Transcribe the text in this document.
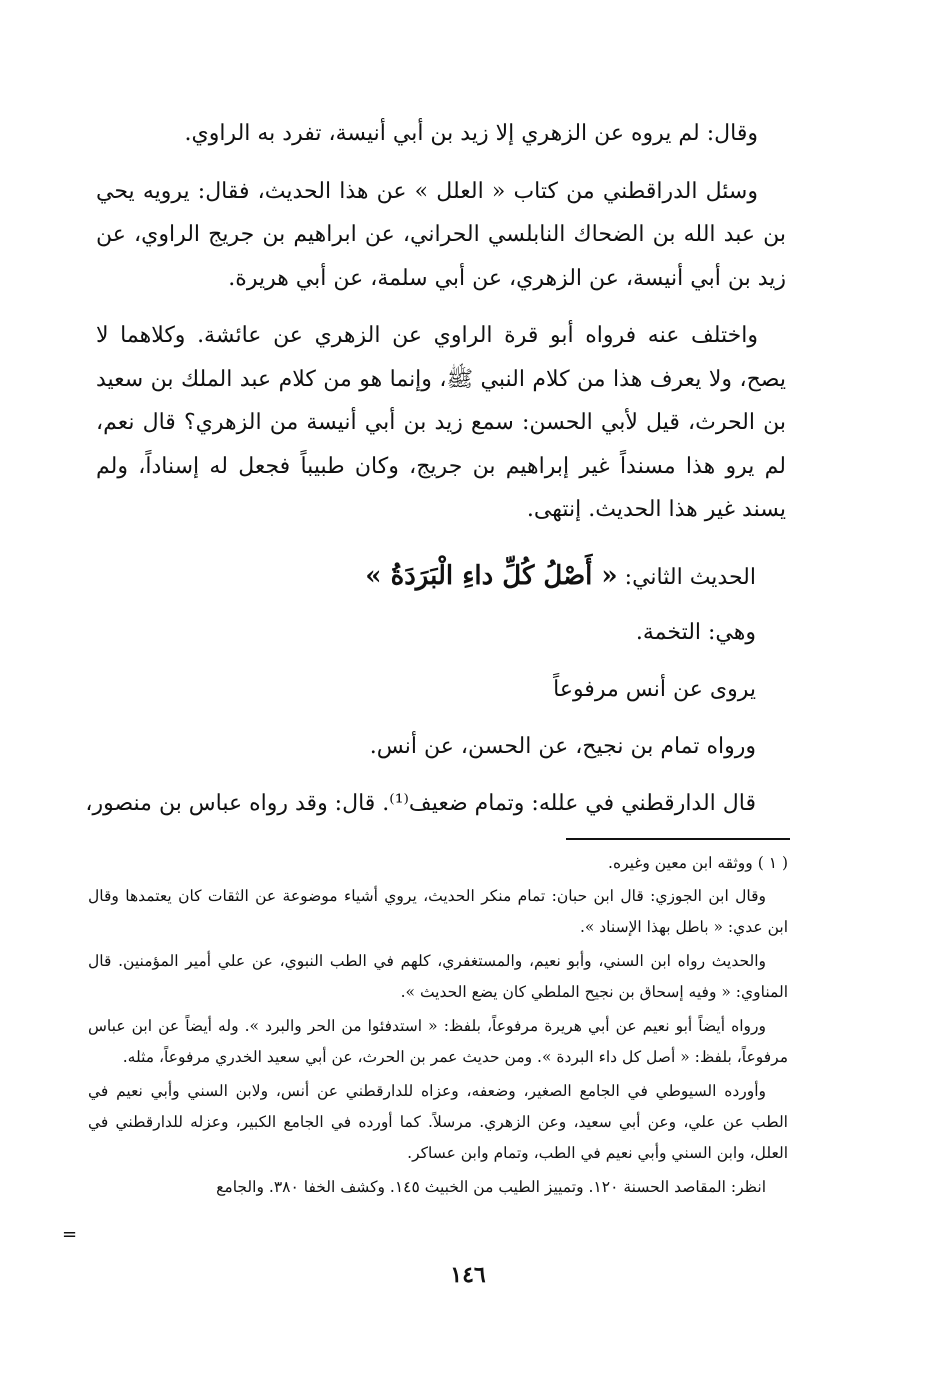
وقال: لم يروه عن الزهري إلا زيد بن أبي أنيسة، تفرد به الراوي.

وسئل الدراقطني من كتاب « العلل » عن هذا الحديث، فقال: يرويه يحي بن عبد الله بن الضحاك النابلسي الحراني، عن ابراهيم بن جريج الراوي، عن زيد بن أبي أنيسة، عن الزهري، عن أبي سلمة، عن أبي هريرة.

واختلف عنه فرواه أبو قرة الراوي عن الزهري عن عائشة. وكلاهما لا يصح، ولا يعرف هذا من كلام النبي ﷺ، وإنما هو من كلام عبد الملك بن سعيد بن الحرث، قيل لأبي الحسن: سمع زيد بن أبي أنيسة من الزهري؟ قال نعم، لم يرو هذا مسنداً غير إبراهيم بن جريج، وكان طبيباً فجعل له إسناداً، ولم يسند غير هذا الحديث. إنتهى.

الحديث الثاني: « أَصْلُ كُلِّ داءِ الْبَرَدَةُ »
وهي: التخمة.
يروى عن أنس مرفوعاً
ورواه تمام بن نجيح، عن الحسن، عن أنس.
قال الدارقطني في علله: وتمام ضعيف⁽¹⁾. قال: وقد رواه عباس بن منصور،

( ١ ) ووثقه ابن معين وغيره.

وقال ابن الجوزي: قال ابن حبان: تمام منكر الحديث، يروي أشياء موضوعة عن الثقات كان يعتمدها وقال ابن عدي: « باطل بهذا الإسناد ».

والحديث رواه ابن السني، وأبو نعيم، والمستغفري، كلهم في الطب النبوي، عن علي أمير المؤمنين. قال المناوي: « وفيه إسحاق بن نجيح الملطي كان يضع الحديث ».

ورواه أيضاً أبو نعيم عن أبي هريرة مرفوعاً، بلفظ: « استدفئوا من الحر والبرد ». وله أيضاً عن ابن عباس مرفوعاً، بلفظ: « أصل كل داء البردة ». ومن حديث عمر بن الحرث، عن أبي سعيد الخدري مرفوعاً، مثله.

وأورده السيوطي في الجامع الصغير، وضعفه، وعزاه للدارقطني عن أنس، ولابن السني وأبي نعيم في الطب عن علي، وعن أبي سعيد، وعن الزهري. مرسلاً. كما أورده في الجامع الكبير، وعزله للدارقطني في العلل، وابن السني وأبي نعيم في الطب، وتمام وابن عساكر.

انظر: المقاصد الحسنة ١٢٠. وتمييز الطيب من الخبيث ١٤٥. وكشف الخفا ٣٨٠. والجامع

=
١٤٦
